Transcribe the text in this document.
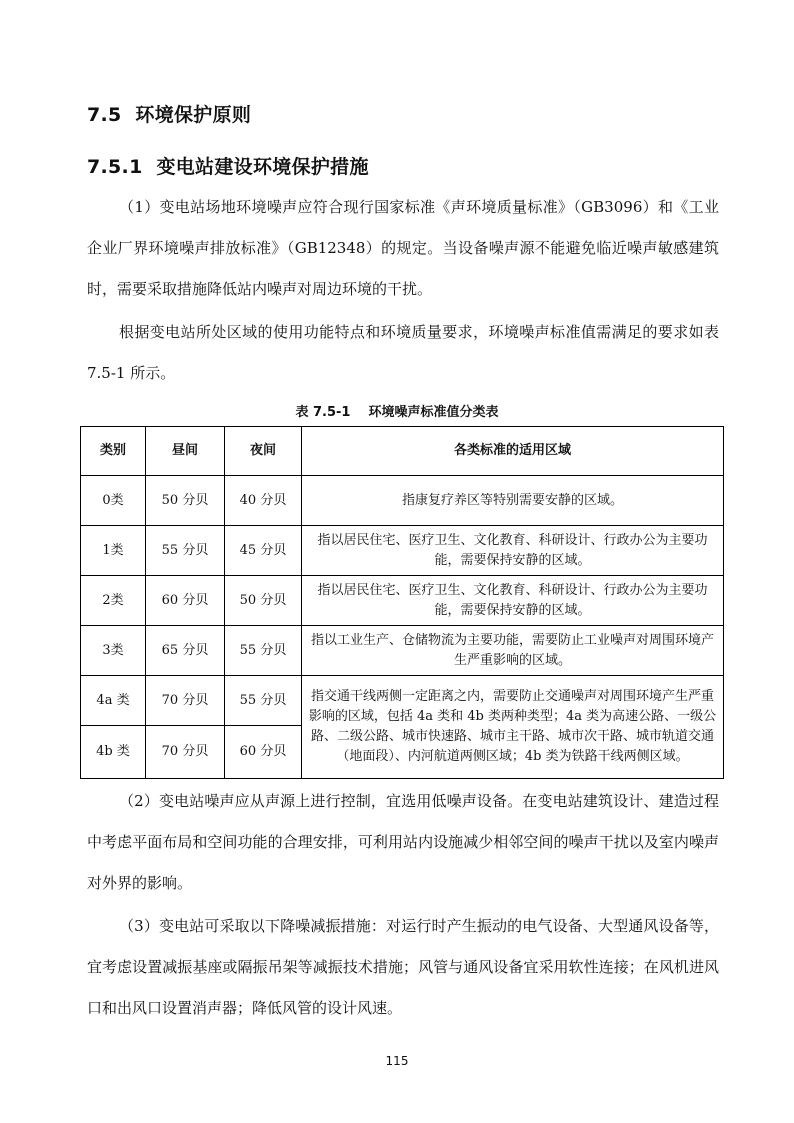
7.5 环境保护原则
7.5.1 变电站建设环境保护措施
（1）变电站场地环境噪声应符合现行国家标准《声环境质量标准》（GB3096）和《工业企业厂界环境噪声排放标准》（GB12348）的规定。当设备噪声源不能避免临近噪声敏感建筑时，需要采取措施降低站内噪声对周边环境的干扰。
根据变电站所处区域的使用功能特点和环境质量要求，环境噪声标准值需满足的要求如表 7.5-1 所示。
表 7.5-1    环境噪声标准值分类表
类别	昼间	夜间	各类标准的适用区域
0类	50 分贝	40 分贝	指康复疗养区等特别需要安静的区域。
1类	55 分贝	45 分贝	指以居民住宅、医疗卫生、文化教育、科研设计、行政办公为主要功能，需要保持安静的区域。
2类	60 分贝	50 分贝	指以居民住宅、医疗卫生、文化教育、科研设计、行政办公为主要功能，需要保持安静的区域。
3类	65 分贝	55 分贝	指以工业生产、仓储物流为主要功能，需要防止工业噪声对周围环境产生严重影响的区域。
4a 类	70 分贝	55 分贝	指交通干线两侧一定距离之内，需要防止交通噪声对周围环境产生严重影响的区域，包括 4a 类和 4b 类两种类型；4a 类为高速公路、一级公路、二级公路、城市快速路、城市主干路、城市次干路、城市轨道交通（地面段）、内河航道两侧区域；4b 类为铁路干线两侧区域。
4b 类	70 分贝	60 分贝	
（2）变电站噪声应从声源上进行控制，宜选用低噪声设备。在变电站建筑设计、建造过程中考虑平面布局和空间功能的合理安排，可利用站内设施减少相邻空间的噪声干扰以及室内噪声对外界的影响。
（3）变电站可采取以下降噪减振措施：对运行时产生振动的电气设备、大型通风设备等，宜考虑设置减振基座或隔振吊架等减振技术措施；风管与通风设备宜采用软性连接；在风机进风口和出风口设置消声器；降低风管的设计风速。
115
